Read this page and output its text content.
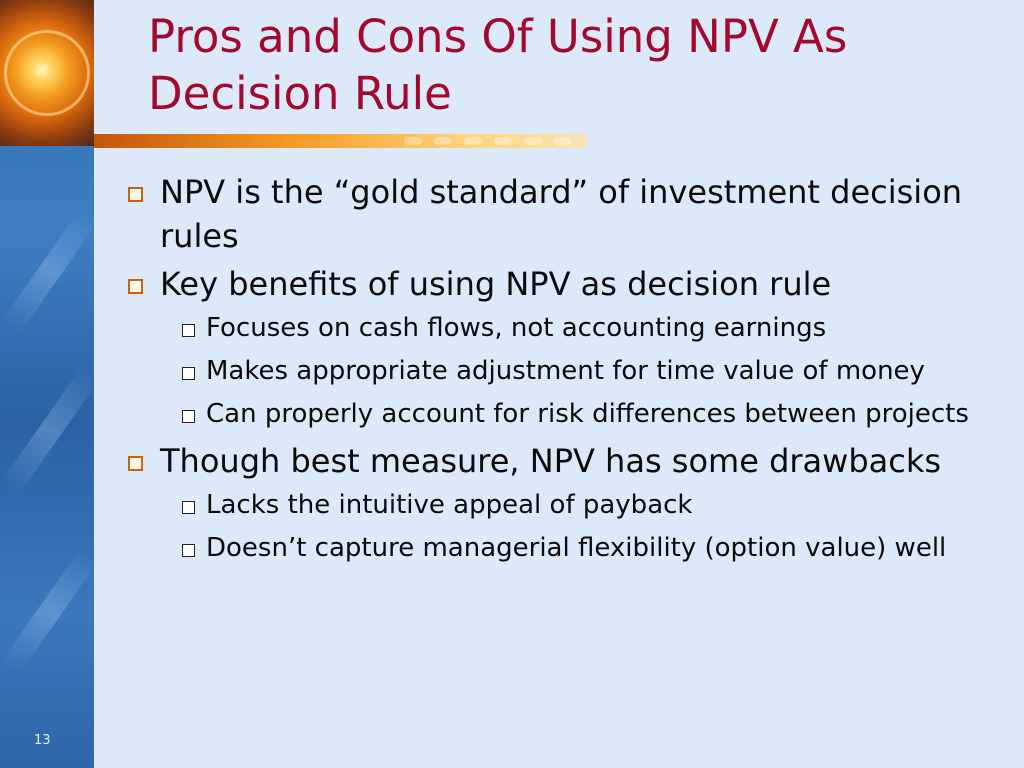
Pros and Cons Of Using NPV As Decision Rule
NPV is the “gold standard” of investment decision rules
Key benefits of using NPV as decision rule
Focuses on cash flows, not accounting earnings
Makes appropriate adjustment for time value of money
Can properly account for risk differences between projects
Though best measure, NPV has some drawbacks
Lacks the intuitive appeal of payback
Doesn’t capture managerial flexibility (option value) well
13
